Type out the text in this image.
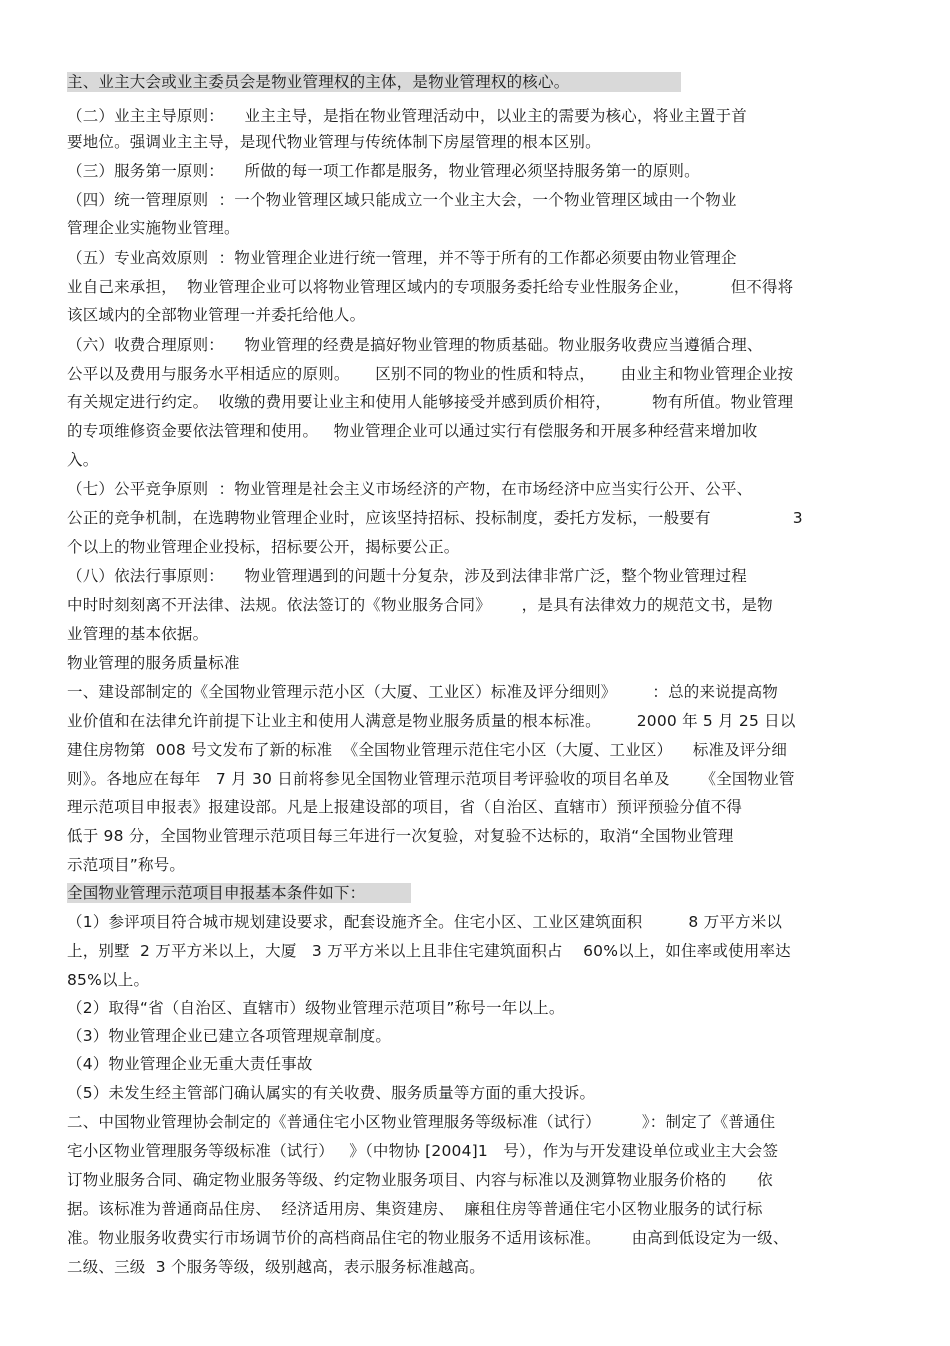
主、业主大会或业主委员会是物业管理权的主体，是物业管理权的核心。
（二）业主主导原则：    业主主导，是指在物业管理活动中，以业主的需要为核心，将业主置于首
要地位。强调业主主导，是现代物业管理与传统体制下房屋管理的根本区别。
（三）服务第一原则：    所做的每一项工作都是服务，物业管理必须坚持服务第一的原则。
（四）统一管理原则  ：一个物业管理区域只能成立一个业主大会，一个物业管理区域由一个物业
管理企业实施物业管理。
（五）专业高效原则  ：物业管理企业进行统一管理，并不等于所有的工作都必须要由物业管理企
业自己来承担，  物业管理企业可以将物业管理区域内的专项服务委托给专业性服务企业，        但不得将
该区域内的全部物业管理一并委托给他人。
（六）收费合理原则：    物业管理的经费是搞好物业管理的物质基础。物业服务收费应当遵循合理、
公平以及费用与服务水平相适应的原则。     区别不同的物业的性质和特点，     由业主和物业管理企业按
有关规定进行约定。  收缴的费用要让业主和使用人能够接受并感到质价相符，        物有所值。物业管理
的专项维修资金要依法管理和使用。   物业管理企业可以通过实行有偿服务和开展多种经营来增加收
入。
（七）公平竞争原则  ：物业管理是社会主义市场经济的产物，在市场经济中应当实行公开、公平、
公正的竞争机制，在选聘物业管理企业时，应该坚持招标、投标制度，委托方发标，一般要有                3
个以上的物业管理企业投标，招标要公开，揭标要公正。
（八）依法行事原则：    物业管理遇到的问题十分复杂，涉及到法律非常广泛，整个物业管理过程
中时时刻刻离不开法律、法规。依法签订的《物业服务合同》      ，是具有法律效力的规范文书，是物
业管理的基本依据。
物业管理的服务质量标准
一、建设部制定的《全国物业管理示范小区（大厦、工业区）标准及评分细则》       ：总的来说提高物
业价值和在法律允许前提下让业主和使用人满意是物业服务质量的根本标准。       2000 年 5 月 25 日以
建住房物第  008 号文发布了新的标准  《全国物业管理示范住宅小区（大厦、工业区）    标准及评分细
则》。各地应在每年   7 月 30 日前将参见全国物业管理示范项目考评验收的项目名单及      《全国物业管
理示范项目申报表》报建设部。凡是上报建设部的项目，省（自治区、直辖市）预评预验分值不得
低于 98 分，全国物业管理示范项目每三年进行一次复验，对复验不达标的，取消“全国物业管理
示范项目”称号。
全国物业管理示范项目申报基本条件如下：
（1）参评项目符合城市规划建设要求，配套设施齐全。住宅小区、工业区建筑面积         8 万平方米以
上，别墅  2 万平方米以上，大厦   3 万平方米以上且非住宅建筑面积占    60%以上，如住率或使用率达
85%以上。
（2）取得“省（自治区、直辖市）级物业管理示范项目”称号一年以上。
（3）物业管理企业已建立各项管理规章制度。
（4）物业管理企业无重大责任事故
（5）未发生经主管部门确认属实的有关收费、服务质量等方面的重大投诉。
二、中国物业管理协会制定的《普通住宅小区物业管理服务等级标准（试行）        》：制定了《普通住
宅小区物业管理服务等级标准（试行）   》（中物协 [2004]1   号），作为与开发建设单位或业主大会签
订物业服务合同、确定物业服务等级、约定物业服务项目、内容与标准以及测算物业服务价格的      依
据。该标准为普通商品住房、  经济适用房、集资建房、  廉租住房等普通住宅小区物业服务的试行标
准。物业服务收费实行市场调节价的高档商品住宅的物业服务不适用该标准。      由高到低设定为一级、
二级、三级  3 个服务等级，级别越高，表示服务标准越高。
